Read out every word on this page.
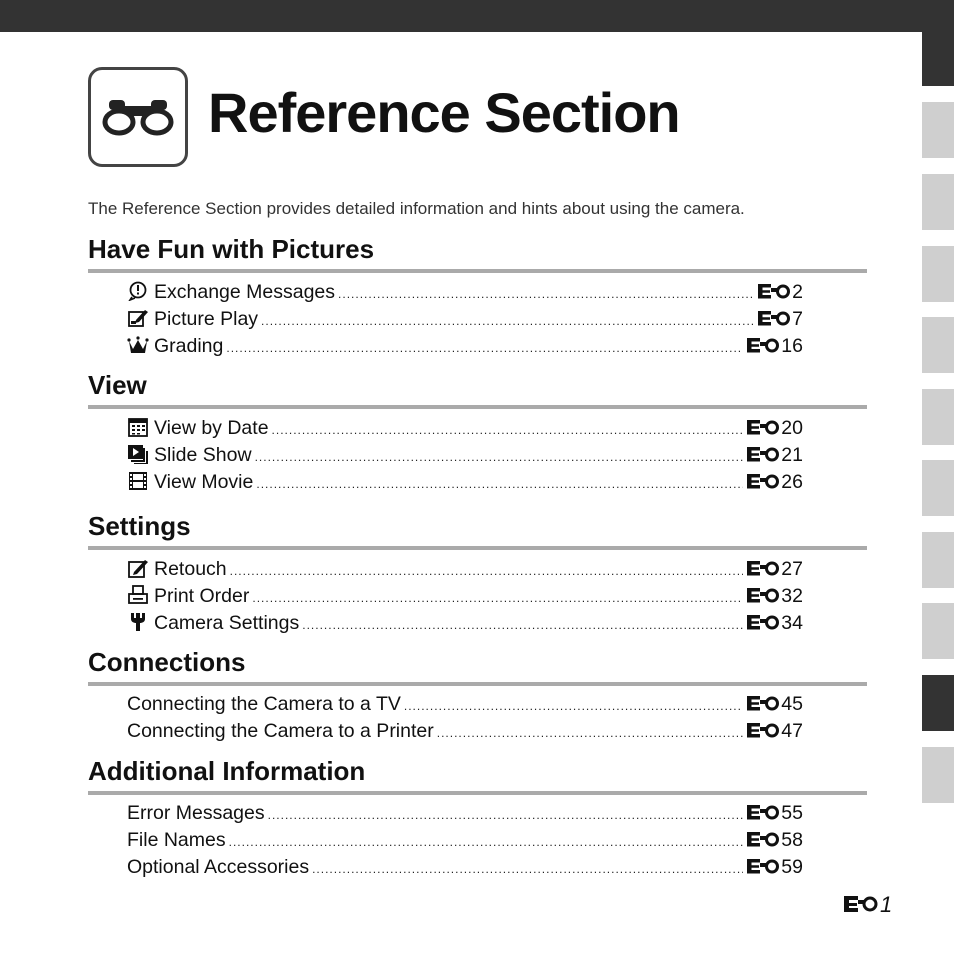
Reference Section

The Reference Section provides detailed information and hints about using the camera.

Have Fun with Pictures
Exchange Messages .....	2
Picture Play .....	7
Grading .....	16
View
View by Date .....	20
Slide Show .....	21
View Movie .....	26
Settings
Retouch .....	27
Print Order .....	32
Camera Settings .....	34
Connections
Connecting the Camera to a TV .....	45
Connecting the Camera to a Printer .....	47
Additional Information
Error Messages .....	55
File Names .....	58
Optional Accessories .....	59
1
